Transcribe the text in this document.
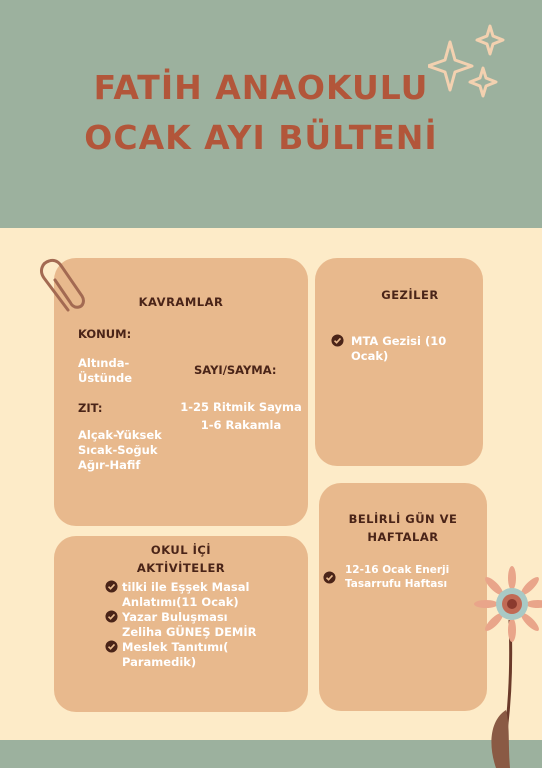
FATİH ANAOKULU
OCAK AYI BÜLTENİ
KAVRAMLAR
KONUM:
Altında-Üstünde
ZIT:
Alçak-Yüksek
Sıcak-Soğuk
Ağır-Hafif
SAYI/SAYMA:
1-25 Ritmik Sayma
1-6 Rakamla
GEZİLER
MTA Gezisi (10 Ocak)
OKUL İÇİ
AKTİVİTELER
tilki ile Eşşek Masal
Anlatımı(11 Ocak)
Yazar Buluşması
Zeliha GÜNEŞ DEMİR
Meslek Tanıtımı(
Paramedik)
BELİRLİ GÜN VE
HAFTALAR
12-16 Ocak Enerji
Tasarrufu Haftası
